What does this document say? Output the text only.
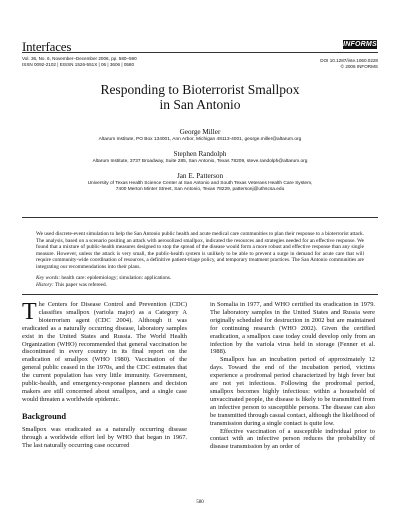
Interfaces
Vol. 36, No. 6, November–December 2006, pp. 580–590
ISSN 0092-2102 | EISSN 1526-551X | 06 | 3606 | 0580
INFORMS
DOI 10.1287/inte.1060.0228
© 2006 INFORMS
Responding to Bioterrorist Smallpox
in San Antonio
George Miller
Altarum Institute, PO Box 134001, Ann Arbor, Michigan 48113-4001, george.miller@altarum.org
Stephen Randolph
Altarum Institute, 3737 Broadway, Suite 285, San Antonio, Texas 78209, steve.randolph@altarum.org
Jan E. Patterson
University of Texas Health Science Center at San Antonio and South Texas Veterans Health Care System,
7400 Merton Minter Street, San Antonio, Texas 78229, pattersonj@uthscsa.edu
We used discrete-event simulation to help the San Antonio public health and acute medical care communities to plan their response to a bioterrorist attack. The analysis, based on a scenario positing an attack with aerosolized smallpox, indicated the resources and strategies needed for an effective response. We found that a mixture of public-health measures designed to stop the spread of the disease would form a more robust and effective response than any single measure. However, unless the attack is very small, the public-health system is unlikely to be able to prevent a surge in demand for acute care that will require community-wide coordination of resources, a definitive patient-triage policy, and temporary treatment practices. The San Antonio communities are integrating our recommendations into their plans.
Key words: health care: epidemiology; simulation: applications.
History: This paper was refereed.

The Centers for Disease Control and Prevention (CDC) classifies smallpox (variola major) as a Category A bioterrorism agent (CDC 2004). Although it was eradicated as a naturally occurring disease, laboratory samples exist in the United States and Russia. The World Health Organization (WHO) recommended that general vaccination be discontinued in every country in its final report on the eradication of smallpox (WHO 1980). Vaccination of the general public ceased in the 1970s, and the CDC estimates that the current population has very little immunity. Government, public-health, and emergency-response planners and decision makers are still concerned about smallpox, and a single case would threaten a worldwide epidemic.

Background

Smallpox was eradicated as a naturally occurring disease through a worldwide effort led by WHO that began in 1967. The last naturally occurring case occurred

in Somalia in 1977, and WHO certified its eradication in 1979. The laboratory samples in the United States and Russia were originally scheduled for destruction in 2002 but are maintained for continuing research (WHO 2002). Given the certified eradication, a smallpox case today could develop only from an infection by the variola virus held in storage (Fenner et al. 1988).

Smallpox has an incubation period of approximately 12 days. Toward the end of the incubation period, victims experience a prodromal period characterized by high fever but are not yet infectious. Following the prodromal period, smallpox becomes highly infectious: within a household of unvaccinated people, the disease is likely to be transmitted from an infective person to susceptible persons. The disease can also be transmitted through casual contact, although the likelihood of transmission during a single contact is quite low.

Effective vaccination of a susceptible individual prior to contact with an infective person reduces the probability of disease transmission by an order of

580
